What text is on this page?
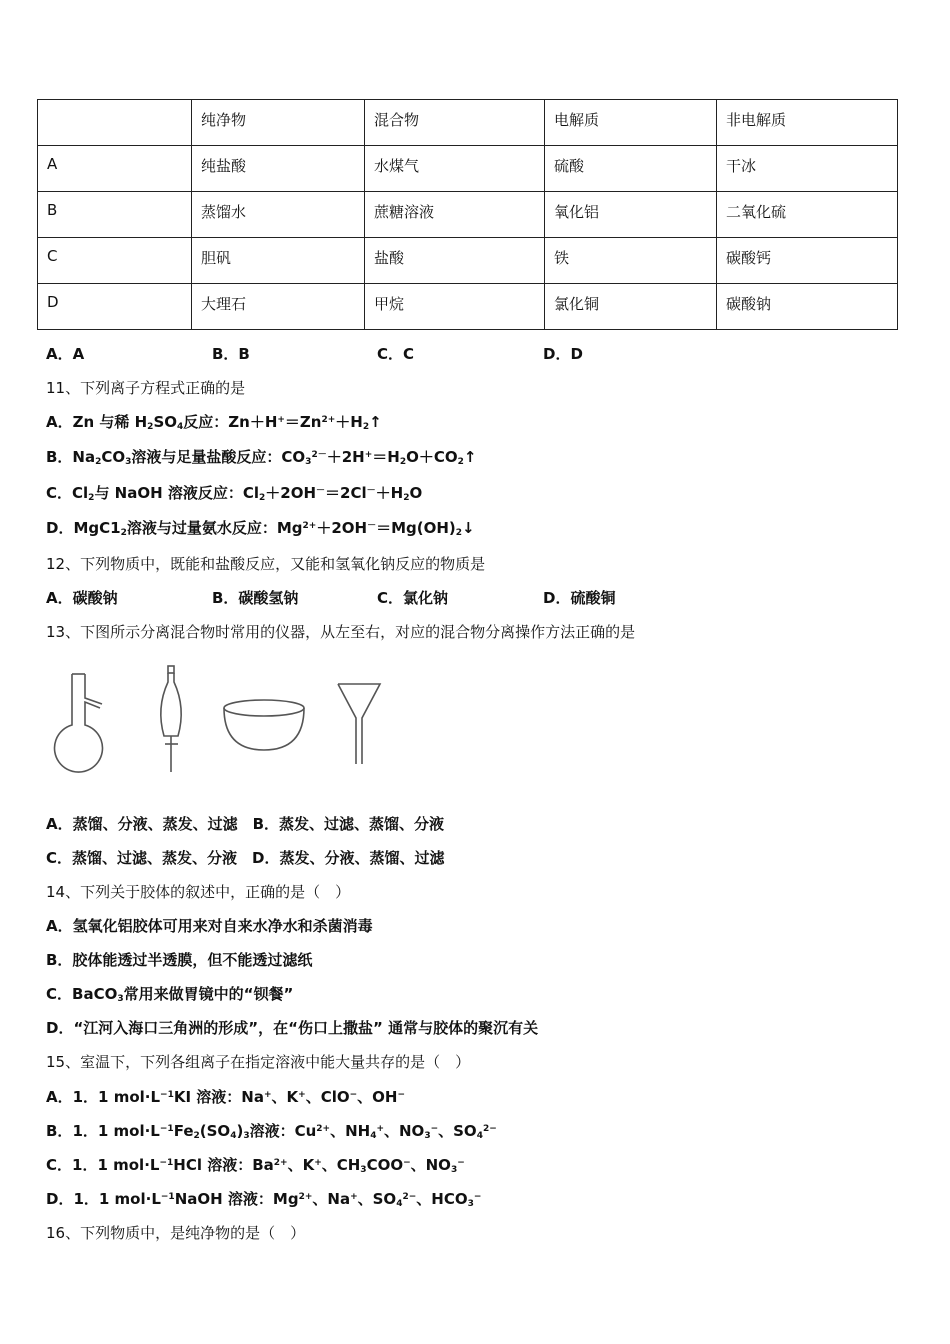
	纯净物	混合物	电解质	非电解质
A	纯盐酸	水煤气	硫酸	干冰
B	蒸馏水	蔗糖溶液	氧化铝	二氧化硫
C	胆矾	盐酸	铁	碳酸钙
D	大理石	甲烷	氯化铜	碳酸钠
A．A	B．B	C．C	D．D
11、下列离子方程式正确的是
A．Zn 与稀 $H_2SO_4$反应：$Zn+H^+=Zn^{2+}+H_2↑$
B．$Na_2CO_3$溶液与足量盐酸反应：$CO_3^{2-}+2H^+=H_2O+CO_2↑$
C．$Cl_2$与 NaOH 溶液反应：$Cl_2+2OH^-=2Cl^-+H_2O$
D．$MgC1_2$溶液与过量氨水反应：$Mg^{2+}+2OH^-=Mg(OH)_2↓$
12、下列物质中，既能和盐酸反应，又能和氢氧化钠反应的物质是
A．碳酸钠	B．碳酸氢钠	C．氯化钠	D．硫酸铜
13、下图所示分离混合物时常用的仪器，从左至右，对应的混合物分离操作方法正确的是
A．蒸馏、分液、蒸发、过滤　B．蒸发、过滤、蒸馏、分液
C．蒸馏、过滤、蒸发、分液　D．蒸发、分液、蒸馏、过滤
14、下列关于胶体的叙述中，正确的是（　）
A．氢氧化铝胶体可用来对自来水净水和杀菌消毒
B．胶体能透过半透膜，但不能透过滤纸
C．BaCO$_3$常用来做胃镜中的“钡餐”
D．“江河入海口三角洲的形成”，在“伤口上撒盐” 通常与胶体的聚沉有关
15、室温下，下列各组离子在指定溶液中能大量共存的是（　）
A．1．1 $mol\cdot L^{-1}KI$ 溶液：Na+、K+、ClO−、OH−
B．1．1 $mol\cdot L^{-1}Fe_2(SO_4)_3$溶液：$Cu^{2+}$、$NH_4^+$、$NO_3^-$、$SO_4^{2-}$
C．1．1 $mol\cdot L^{-1}HCl$ 溶液：$Ba^{2+}$、K+、$CH_3COO^-$、$NO_3^-$
D．1．1 $mol\cdot L^{-1}NaOH$ 溶液：$Mg^{2+}$、Na+、$SO_4^{2-}$、$HCO_3^-$
16、下列物质中，是纯净物的是（　）
